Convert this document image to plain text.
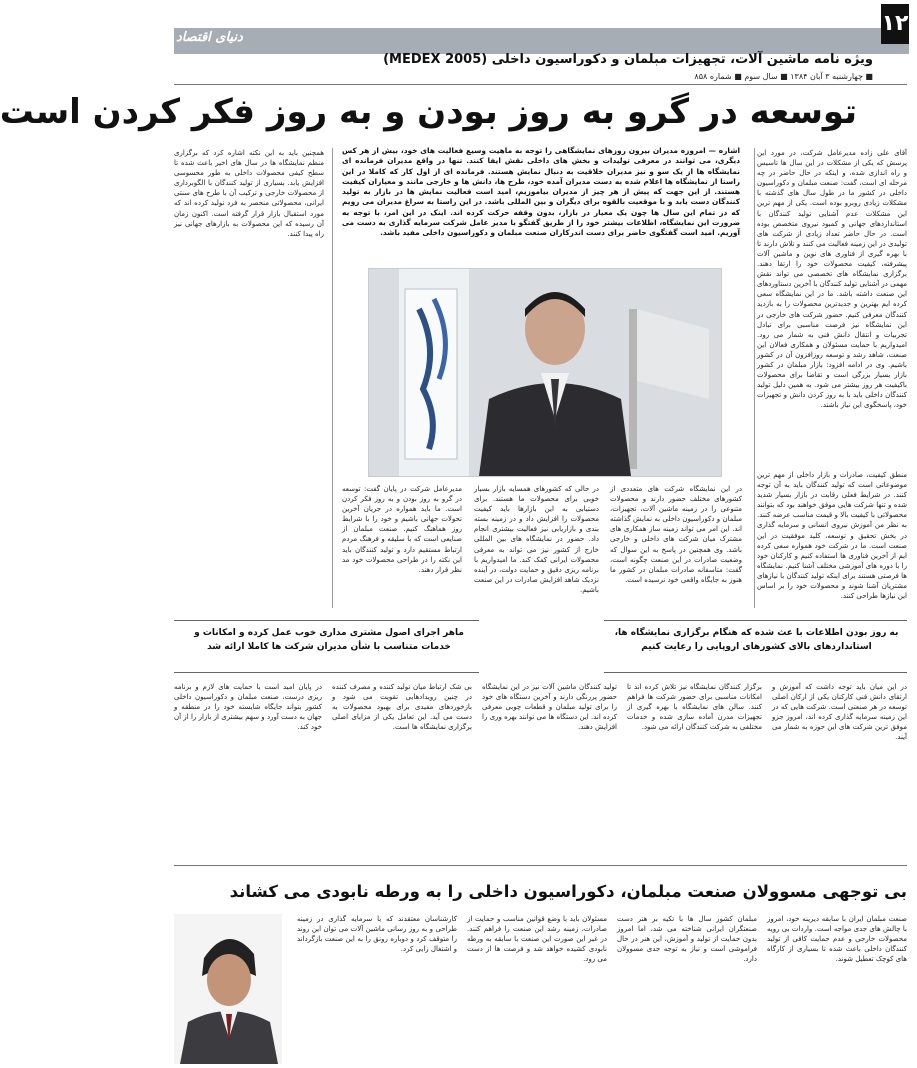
دنیای اقتصاد
۱۲
ویژه نامه ماشین آلات، تجهیزات مبلمان و دکوراسیون داخلی (MEDEX 2005)
■ چهارشنبه ۳ آبان ۱۳۸۴ ■ سال سوم ■ شماره ۸۵۸
توسعه در گرو به روز بودن و به روز فکر کردن است

آقای علی زاده مدیرعامل شرکت، در مورد این پرسش که یکی از مشکلات در این سال ها تاسیس و راه اندازی شده، و اینکه در حال حاضر در چه مرحله ای است، گفت: صنعت مبلمان و دکوراسیون داخلی در کشور ما در طول سال های گذشته با مشکلات زیادی روبرو بوده است. یکی از مهم ترین این مشکلات عدم آشنایی تولید کنندگان با استانداردهای جهانی و کمبود نیروی متخصص بوده است. در حال حاضر تعداد زیادی از شرکت های تولیدی در این زمینه فعالیت می کنند و تلاش دارند تا با بهره گیری از فناوری های نوین و ماشین آلات پیشرفته، کیفیت محصولات خود را ارتقا دهند. برگزاری نمایشگاه های تخصصی می تواند نقش مهمی در آشنایی تولید کنندگان با آخرین دستاوردهای این صنعت داشته باشد. ما در این نمایشگاه سعی کرده ایم بهترین و جدیدترین محصولات را به بازدید کنندگان معرفی کنیم. حضور شرکت های خارجی در این نمایشگاه نیز فرصت مناسبی برای تبادل تجربیات و انتقال دانش فنی به شمار می رود. امیدواریم با حمایت مسئولان و همکاری فعالان این صنعت، شاهد رشد و توسعه روزافزون آن در کشور باشیم. وی در ادامه افزود: بازار مبلمان در کشور بازار بسیار بزرگی است و تقاضا برای محصولات باکیفیت هر روز بیشتر می شود. به همین دلیل تولید کنندگان داخلی باید با به روز کردن دانش و تجهیزات خود، پاسخگوی این نیاز باشند.

همچنین باید به این نکته اشاره کرد که برگزاری منظم نمایشگاه ها در سال های اخیر باعث شده تا سطح کیفی محصولات داخلی به طور محسوسی افزایش یابد. بسیاری از تولید کنندگان با الگوبرداری از محصولات خارجی و ترکیب آن با طرح های سنتی ایرانی، محصولاتی منحصر به فرد تولید کرده اند که مورد استقبال بازار قرار گرفته است. اکنون زمان آن رسیده که این محصولات به بازارهای جهانی نیز راه پیدا کنند.

اشاره — امروزه مدیران بیرون روزهای نمایشگاهی را توجه به ماهیت وسیع فعالیت های خود، بیش از هر کس دیگری، می توانند در معرفی تولیدات و بخش های داخلی نقش ایفا کنند. تنها در واقع مدیران فرمانده ای نمایشگاه ها از یک سو و نیز مدیران خلاقیت به دنبال نمایش هستند. فرمانده ای از اول کار که کاملا در این راستا از نمایشگاه ها اعلام شده به دست مدیران آمده خود، طرح ها، دانش ها و خارجی مانند و معیاران کیفیت هستند. از این جهت که پیش از هر چیز از مدیران بیاموزیم، امید است فعالیت نمایش ها در بازار به تولید کنندگان دست یابد و با موقعیت بالقوه برای دیگران و بین المللی باشد. در این راستا به سراغ مدیران می رویم که در تمام این سال ها چون یک معیار در بازار، بدون وقفه حرکت کرده اند. اینک در این امر، با توجه به ضرورت این نمایشگاه، اطلاعات بیشتر خود را از طریق گفتگو با مدیر عامل شرکت سرمایه گذاری به دست می آوریم. امید است گفتگوی حاضر برای دست اندرکاران صنعت مبلمان و دکوراسیون داخلی مفید باشد.

مدیرعامل شرکت در پایان گفت: توسعه در گرو به روز بودن و به روز فکر کردن است. ما باید همواره در جریان آخرین تحولات جهانی باشیم و خود را با شرایط روز هماهنگ کنیم. صنعت مبلمان از صنایعی است که با سلیقه و فرهنگ مردم ارتباط مستقیم دارد و تولید کنندگان باید این نکته را در طراحی محصولات خود مد نظر قرار دهند.

در حالی که کشورهای همسایه بازار بسیار خوبی برای محصولات ما هستند. برای دستیابی به این بازارها باید کیفیت محصولات را افزایش داد و در زمینه بسته بندی و بازاریابی نیز فعالیت بیشتری انجام داد. حضور در نمایشگاه های بین المللی خارج از کشور نیز می تواند به معرفی محصولات ایرانی کمک کند. ما امیدواریم با برنامه ریزی دقیق و حمایت دولت، در آینده نزدیک شاهد افزایش صادرات در این صنعت باشیم.

در این نمایشگاه شرکت های متعددی از کشورهای مختلف حضور دارند و محصولات متنوعی را در زمینه ماشین آلات، تجهیزات، مبلمان و دکوراسیون داخلی به نمایش گذاشته اند. این امر می تواند زمینه ساز همکاری های مشترک میان شرکت های داخلی و خارجی باشد. وی همچنین در پاسخ به این سوال که وضعیت صادرات در این صنعت چگونه است، گفت: متاسفانه صادرات مبلمان در کشور ما هنوز به جایگاه واقعی خود نرسیده است.

منطق کیفیت، صادرات و بازار داخلی از مهم ترین موضوعاتی است که تولید کنندگان باید به آن توجه کنند. در شرایط فعلی رقابت در بازار بسیار شدید شده و تنها شرکت هایی موفق خواهند بود که بتوانند محصولاتی با کیفیت بالا و قیمت مناسب عرضه کنند. به نظر من آموزش نیروی انسانی و سرمایه گذاری در بخش تحقیق و توسعه، کلید موفقیت در این صنعت است. ما در شرکت خود همواره سعی کرده ایم از آخرین فناوری ها استفاده کنیم و کارکنان خود را با دوره های آموزشی مختلف آشنا کنیم. نمایشگاه ها فرصتی هستند برای اینکه تولید کنندگان با نیازهای مشتریان آشنا شوند و محصولات خود را بر اساس این نیازها طراحی کنند.

ماهر اجرای اصول مشتری مداری خوب عمل کرده و امکانات و خدمات متناسب با شأن مدیران شرکت ها کاملا ارائه شد
به روز بودن اطلاعات با عث شده که هنگام برگزاری نمایشگاه ها، استانداردهای بالای کشورهای اروپایی را رعایت کنیم

در این میان باید توجه داشت که آموزش و ارتقای دانش فنی کارکنان یکی از ارکان اصلی توسعه در هر صنعتی است. شرکت هایی که در این زمینه سرمایه گذاری کرده اند، امروز جزو موفق ترین شرکت های این حوزه به شمار می آیند.

برگزار کنندگان نمایشگاه نیز تلاش کرده اند تا امکانات مناسبی برای حضور شرکت ها فراهم کنند. سالن های نمایشگاه با بهره گیری از تجهیزات مدرن آماده سازی شده و خدمات مختلفی به شرکت کنندگان ارائه می شود.

تولید کنندگان ماشین آلات نیز در این نمایشگاه حضور پررنگی دارند و آخرین دستگاه های خود را برای تولید مبلمان و قطعات چوبی معرفی کرده اند. این دستگاه ها می توانند بهره وری را افزایش دهند.

بی شک ارتباط میان تولید کننده و مصرف کننده در چنین رویدادهایی تقویت می شود و بازخوردهای مفیدی برای بهبود محصولات به دست می آید. این تعامل یکی از مزایای اصلی برگزاری نمایشگاه ها است.

در پایان امید است با حمایت های لازم و برنامه ریزی درست، صنعت مبلمان و دکوراسیون داخلی کشور بتواند جایگاه شایسته خود را در منطقه و جهان به دست آورد و سهم بیشتری از بازار را از آن خود کند.

بی توجهی مسوولان صنعت مبلمان، دکوراسیون داخلی را به ورطه نابودی می کشاند

صنعت مبلمان ایران با سابقه دیرینه خود، امروز با چالش های جدی مواجه است. واردات بی رویه محصولات خارجی و عدم حمایت کافی از تولید کنندگان داخلی باعث شده تا بسیاری از کارگاه های کوچک تعطیل شوند.

مبلمان کشور سال ها با تکیه بر هنر دست صنعتگران ایرانی شناخته می شد، اما امروز بدون حمایت از تولید و آموزش، این هنر در حال فراموشی است و نیاز به توجه جدی مسوولان دارد.

مسئولان باید با وضع قوانین مناسب و حمایت از صادرات، زمینه رشد این صنعت را فراهم کنند. در غیر این صورت این صنعت با سابقه به ورطه نابودی کشیده خواهد شد و فرصت ها از دست می رود.

کارشناسان معتقدند که با سرمایه گذاری در زمینه طراحی و به روز رسانی ماشین آلات می توان این روند را متوقف کرد و دوباره رونق را به این صنعت بازگرداند و اشتغال زایی کرد.
